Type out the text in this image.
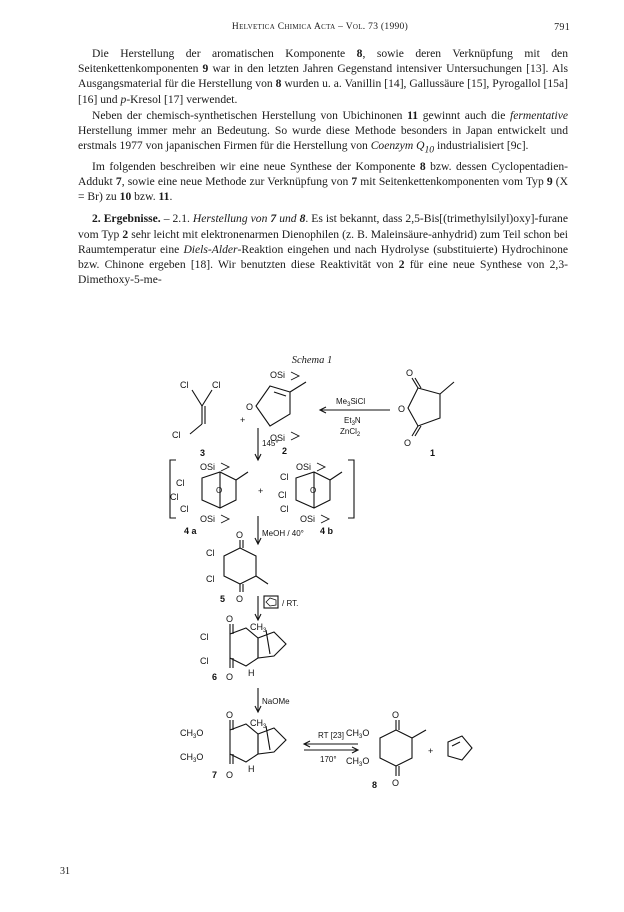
Helvetica Chimica Acta – Vol. 73 (1990)	791

Die Herstellung der aromatischen Komponente 8, sowie deren Verknüpfung mit den Seitenkettenkomponenten 9 war in den letzten Jahren Gegenstand intensiver Untersuchungen [13]. Als Ausgangsmaterial für die Herstellung von 8 wurden u. a. Vanillin [14], Gallussäure [15], Pyrogallol [15a] [16] und p-Kresol [17] verwendet.

Neben der chemisch-synthetischen Herstellung von Ubichinonen 11 gewinnt auch die fermentative Herstellung immer mehr an Bedeutung. So wurde diese Methode besonders in Japan entwickelt und erstmals 1977 von japanischen Firmen für die Herstellung von Coenzym $Q_{10}$ industrialisiert [9c].

Im folgenden beschreiben wir eine neue Synthese der Komponente 8 bzw. dessen Cyclopentadien-Addukt 7, sowie eine neue Methode zur Verknüpfung von 7 mit Seitenkettenkomponenten vom Typ 9 (X = Br) zu 10 bzw. 11.

2. Ergebnisse. – 2.1. Herstellung von 7 und 8. Es ist bekannt, dass 2,5-Bis[(trimethylsilyl)oxy]-furane vom Typ 2 sehr leicht mit elektronenarmen Dienophilen (z. B. Maleinsäure-anhydrid) zum Teil schon bei Raumtemperatur eine Diels-Alder-Reaktion eingehen und nach Hydrolyse (substituierte) Hydrochinone bzw. Chinone ergeben [18]. Wir benutzten diese Reaktivität von 2 für eine neue Synthese von 2,3-Dimethoxy-5-me-

Schema 1
Cl	Cl
Cl
3
+
OSi
O
OSi
2
$Me_3SiCl$
$Et_3N$
ZnCl$_2$
O
O
O
1
145°
OSi
O
Cl
Cl
Cl
OSi
4 a
+
OSi
O
Cl
Cl
Cl
OSi
4 b
MeOH / 40°
O
Cl
Cl
O
5	/ RT.
O
$CH_3$
Cl
Cl
H
O
6
NaOMe
O
$CH_3$
$CH_3O$
$CH_3O$
H
O
7
RT [23]
170°
O
$CH_3O$
$CH_3O$
O
8
+
31
